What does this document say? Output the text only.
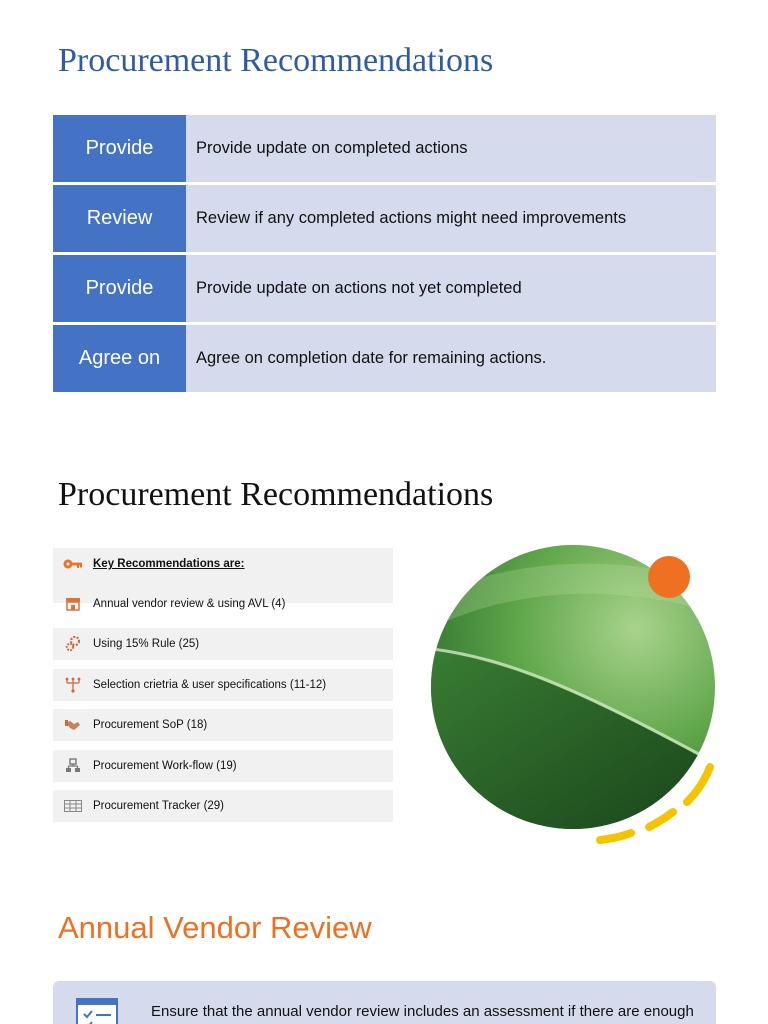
Procurement Recommendations
Provide	Provide update on completed actions
Review	Review if any completed actions might need improvements
Provide	Provide update on actions not yet completed
Agree on	Agree on completion date for remaining actions.
Procurement Recommendations
Key Recommendations are:
Annual vendor review & using AVL (4)
Using 15% Rule (25)
Selection crietria & user specifications (11-12)
Procurement SoP (18)
Procurement Work-flow (19)
Procurement Tracker (29)
Annual Vendor Review
Ensure that the annual vendor review includes an assessment if there are enough
